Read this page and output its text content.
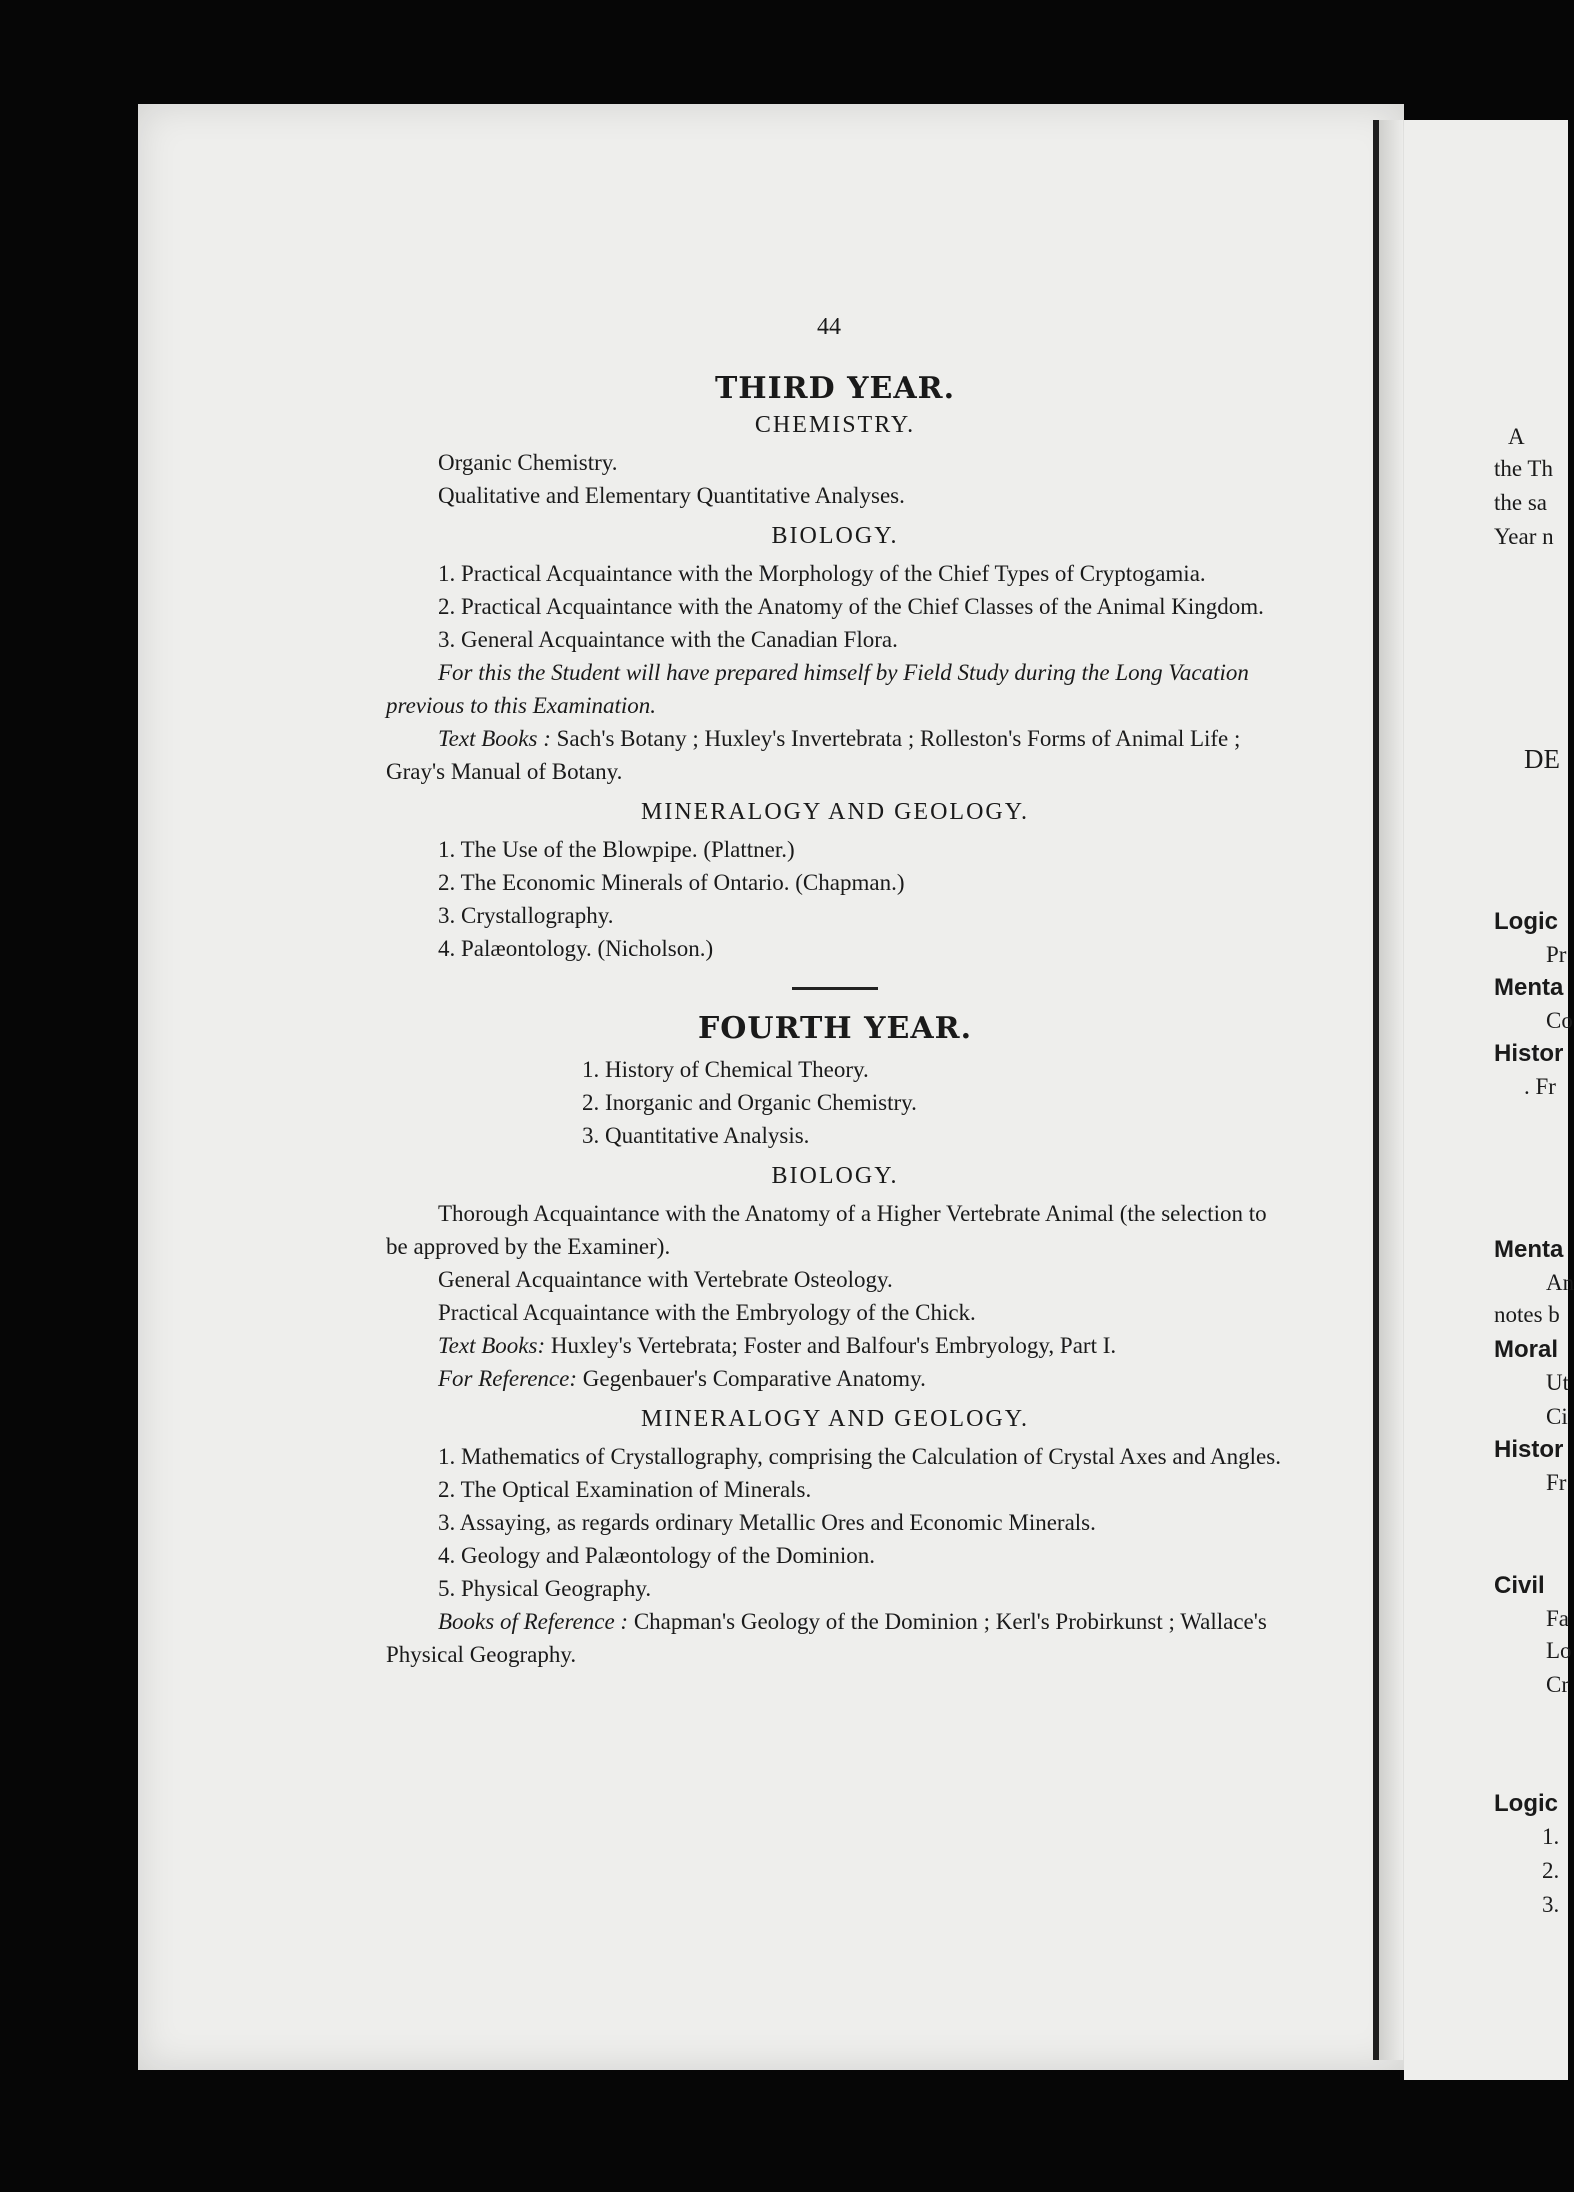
44
THIRD YEAR.
CHEMISTRY.

Organic Chemistry.

Qualitative and Elementary Quantitative Analyses.

BIOLOGY.

1. Practical Acquaintance with the Morphology of the Chief Types of Cryptogamia.

2. Practical Acquaintance with the Anatomy of the Chief Classes of the Animal Kingdom.

3. General Acquaintance with the Canadian Flora.

For this the Student will have prepared himself by Field Study during the Long Vacation previous to this Examination.

Text Books : Sach's Botany ; Huxley's Invertebrata ; Rolleston's Forms of Animal Life ; Gray's Manual of Botany.

MINERALOGY AND GEOLOGY.

1. The Use of the Blowpipe. (Plattner.)

2. The Economic Minerals of Ontario. (Chapman.)

3. Crystallography.

4. Palæontology. (Nicholson.)

FOURTH YEAR.

1. History of Chemical Theory.

2. Inorganic and Organic Chemistry.

3. Quantitative Analysis.

BIOLOGY.

Thorough Acquaintance with the Anatomy of a Higher Vertebrate Animal (the selection to be approved by the Examiner).

General Acquaintance with Vertebrate Osteology.

Practical Acquaintance with the Embryology of the Chick.

Text Books: Huxley's Vertebrata; Foster and Balfour's Embryology, Part I.

For Reference: Gegenbauer's Comparative Anatomy.

MINERALOGY AND GEOLOGY.

1. Mathematics of Crystallography, comprising the Calculation of Crystal Axes and Angles.

2. The Optical Examination of Minerals.

3. Assaying, as regards ordinary Metallic Ores and Economic Minerals.

4. Geology and Palæontology of the Dominion.

5. Physical Geography.

Books of Reference : Chapman's Geology of the Dominion ; Kerl's Probirkunst ; Wallace's Physical Geography.

A
the Th
the sa
Year n
DE
Logic
Pr
Menta
Co
Histor
. Fr
Menta
An
notes b
Moral
Ut
Ci
Histor
Fr
Civil
Fa
Lo
Cr
Logic
1.
2.
3.
